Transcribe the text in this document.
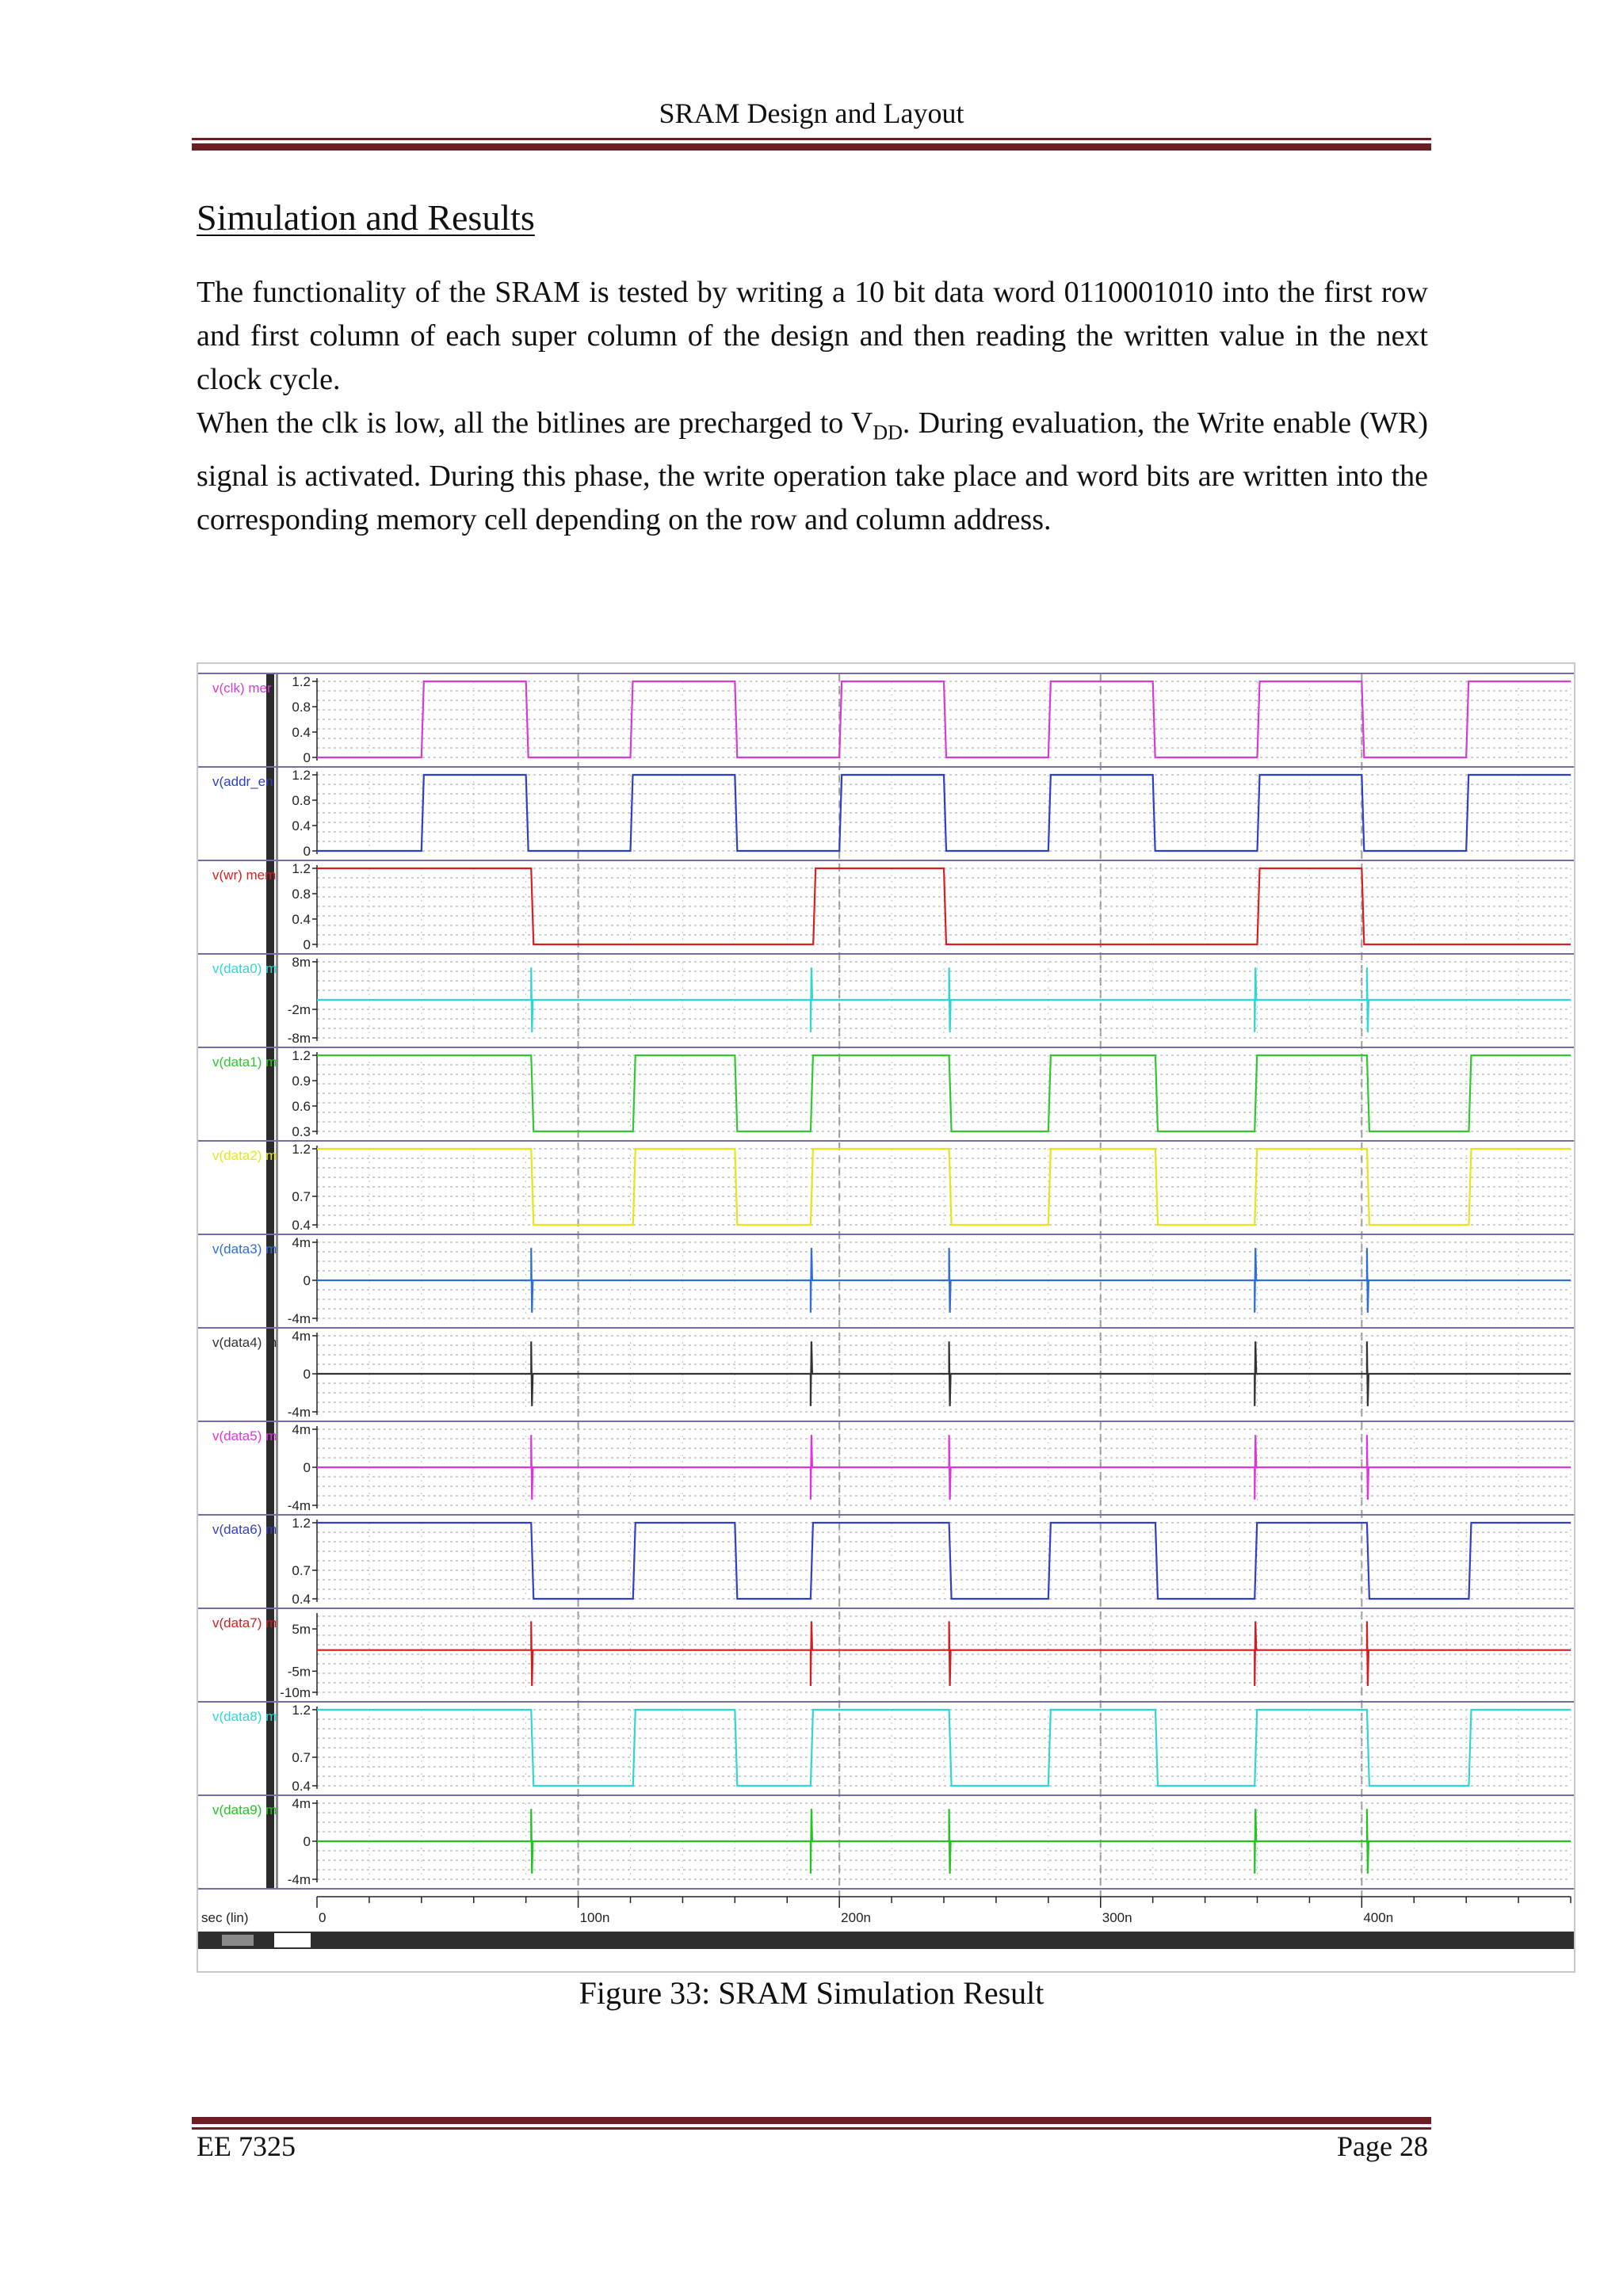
SRAM Design and Layout
Simulation and Results

The functionality of the SRAM is tested by writing a 10 bit data word 0110001010 into the first row and first column of each super column of the design and then reading the written value in the next clock cycle.

When the clk is low, all the bitlines are precharged to $V_{DD}$. During evaluation, the Write enable (WR) signal is activated. During this phase, the write operation take place and word bits are written into the corresponding memory cell depending on the row and column address.

v(clk) mer 1.2
0.8
0.4
0
v(addr_en 1.2
0.8
0.4
0
v(wr) mem 1.2
0.8
0.4
0
v(data0) m 8m
-2m
-8m
v(data1) m 1.2
0.9
0.6
0.3
v(data2) m 1.2
0.7
0.4
v(data3) m 4m
0
-4m
v(data4) m 4m
0
-4m
v(data5) m 4m
0
-4m
v(data6) m 1.2
0.7
0.4
v(data7) m 5m
-5m
-10m
v(data8) m 1.2
0.7
0.4
v(data9) m 4m
0
-4m
0	100n	200n	300n	400n
sec (lin)
Figure 33: SRAM Simulation Result
EE 7325	Page 28
